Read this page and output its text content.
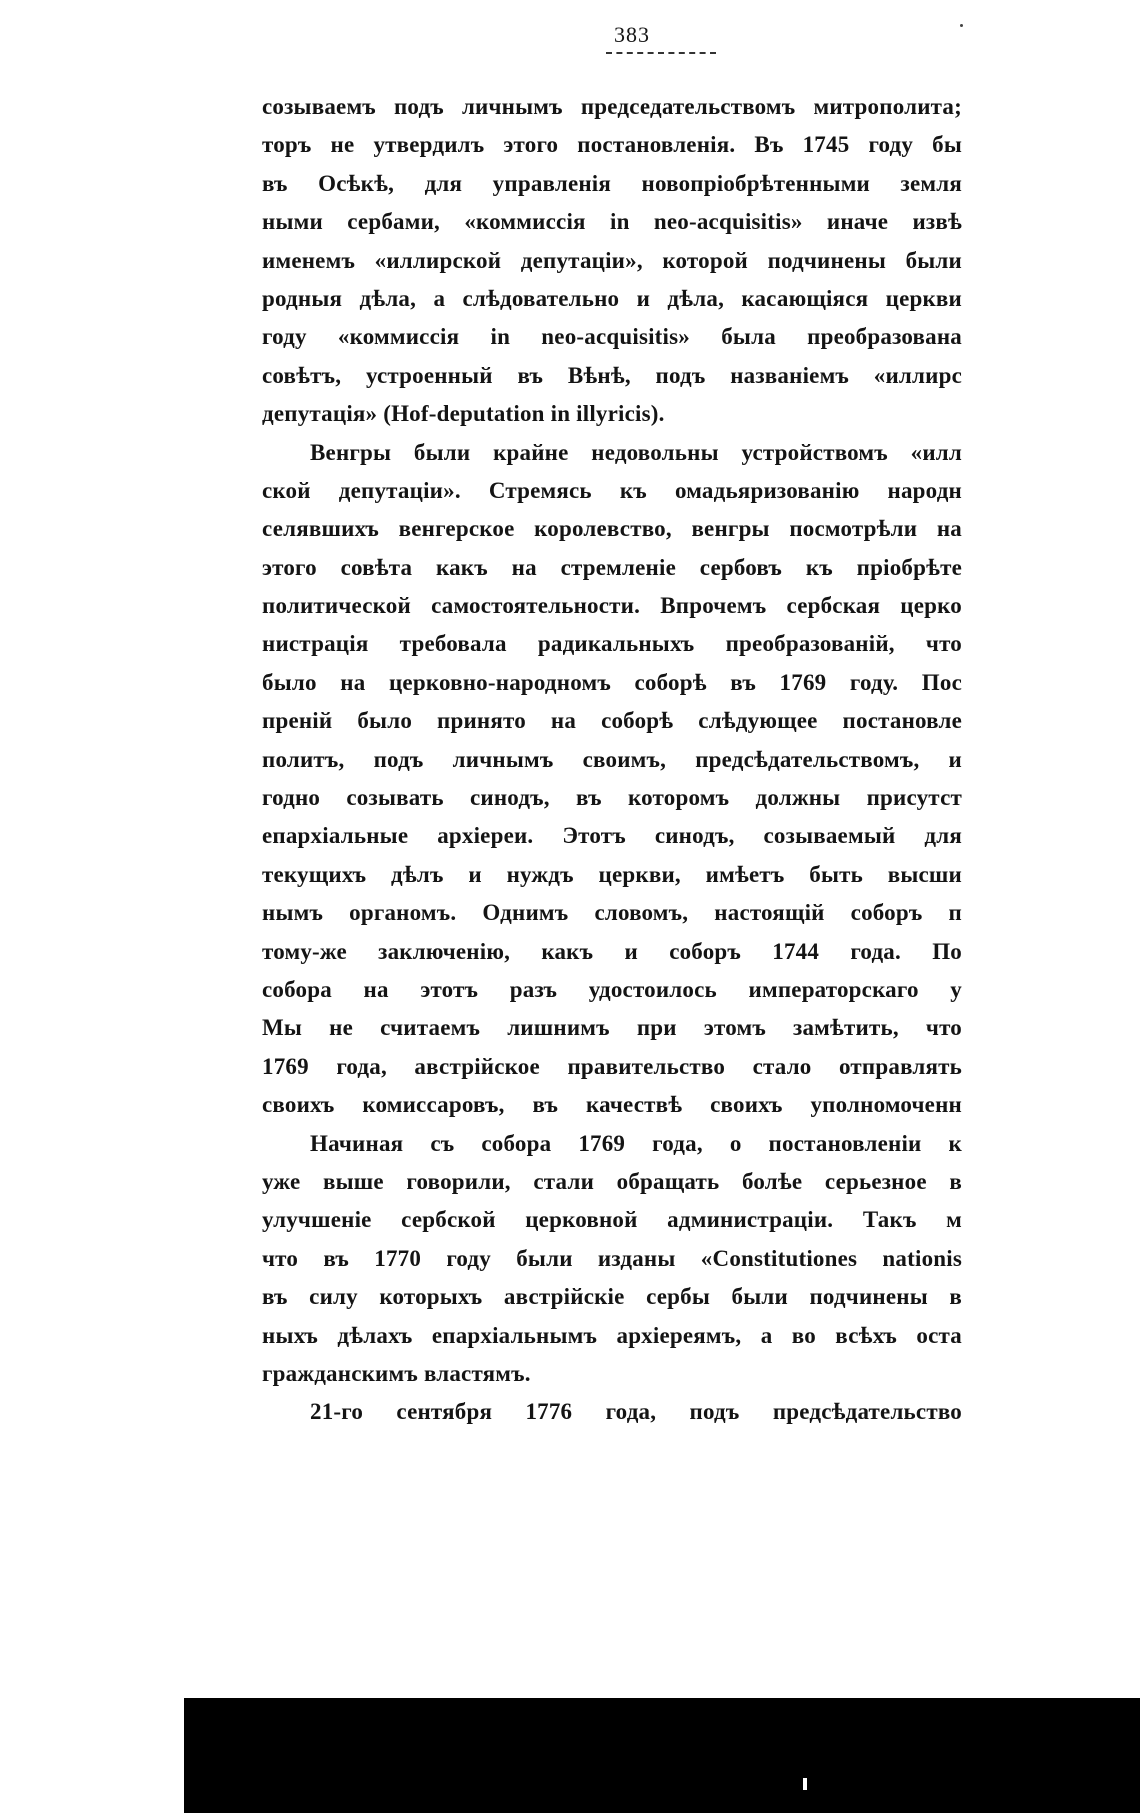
383
созываемъ подъ личнымъ председательствомъ митрополита;
торъ не утвердилъ этого постановленія. Въ 1745 году бы
въ Осѣкѣ, для управленія новопріобрѣтенными земля
ными сербами, «коммиссія in neo-acquisitis» иначе извѣ
именемъ «иллирской депутаціи», которой подчинены были
родныя дѣла, а слѣдовательно и дѣла, касающіяся церкви
году «коммиссія in neo-acquisitis» была преобразована
совѣтъ, устроенный въ Вѣнѣ, подъ названіемъ «иллирс
депутація» (Hof-deputation in illyricis).
Венгры были крайне недовольны устройствомъ «илл
ской депутаціи». Стремясь къ омадьяризованію народн
селявшихъ венгерское королевство, венгры посмотрѣли на
этого совѣта какъ на стремленіе сербовъ къ пріобрѣте
политической самостоятельности. Впрочемъ сербская церко
нистрація требовала радикальныхъ преобразованій, что
было на церковно-народномъ соборѣ въ 1769 году. Пос
преній было принято на соборѣ слѣдующее постановле
политъ, подъ личнымъ своимъ, предсѣдательствомъ, и
годно созывать синодъ, въ которомъ должны присутст
епархіальные архіереи. Этотъ синодъ, созываемый для
текущихъ дѣлъ и нуждъ церкви, имѣетъ быть высши
нымъ органомъ. Однимъ словомъ, настоящій соборъ п
тому-же заключенію, какъ и соборъ 1744 года. По
собора на этотъ разъ удостоилось императорскаго у
Мы не считаемъ лишнимъ при этомъ замѣтить, что
1769 года, австрійское правительство стало отправлять
своихъ комиссаровъ, въ качествѣ своихъ уполномоченн
Начиная съ собора 1769 года, о постановленіи к
уже выше говорили, стали обращать болѣе серьезное в
улучшеніе сербской церковной администраціи. Такъ м
что въ 1770 году были изданы «Constitutiones nationis
въ силу которыхъ австрійскіе сербы были подчинены в
ныхъ дѣлахъ епархіальнымъ архіереямъ, а во всѣхъ оста
гражданскимъ властямъ.
21-го сентября 1776 года, подъ предсѣдательство
